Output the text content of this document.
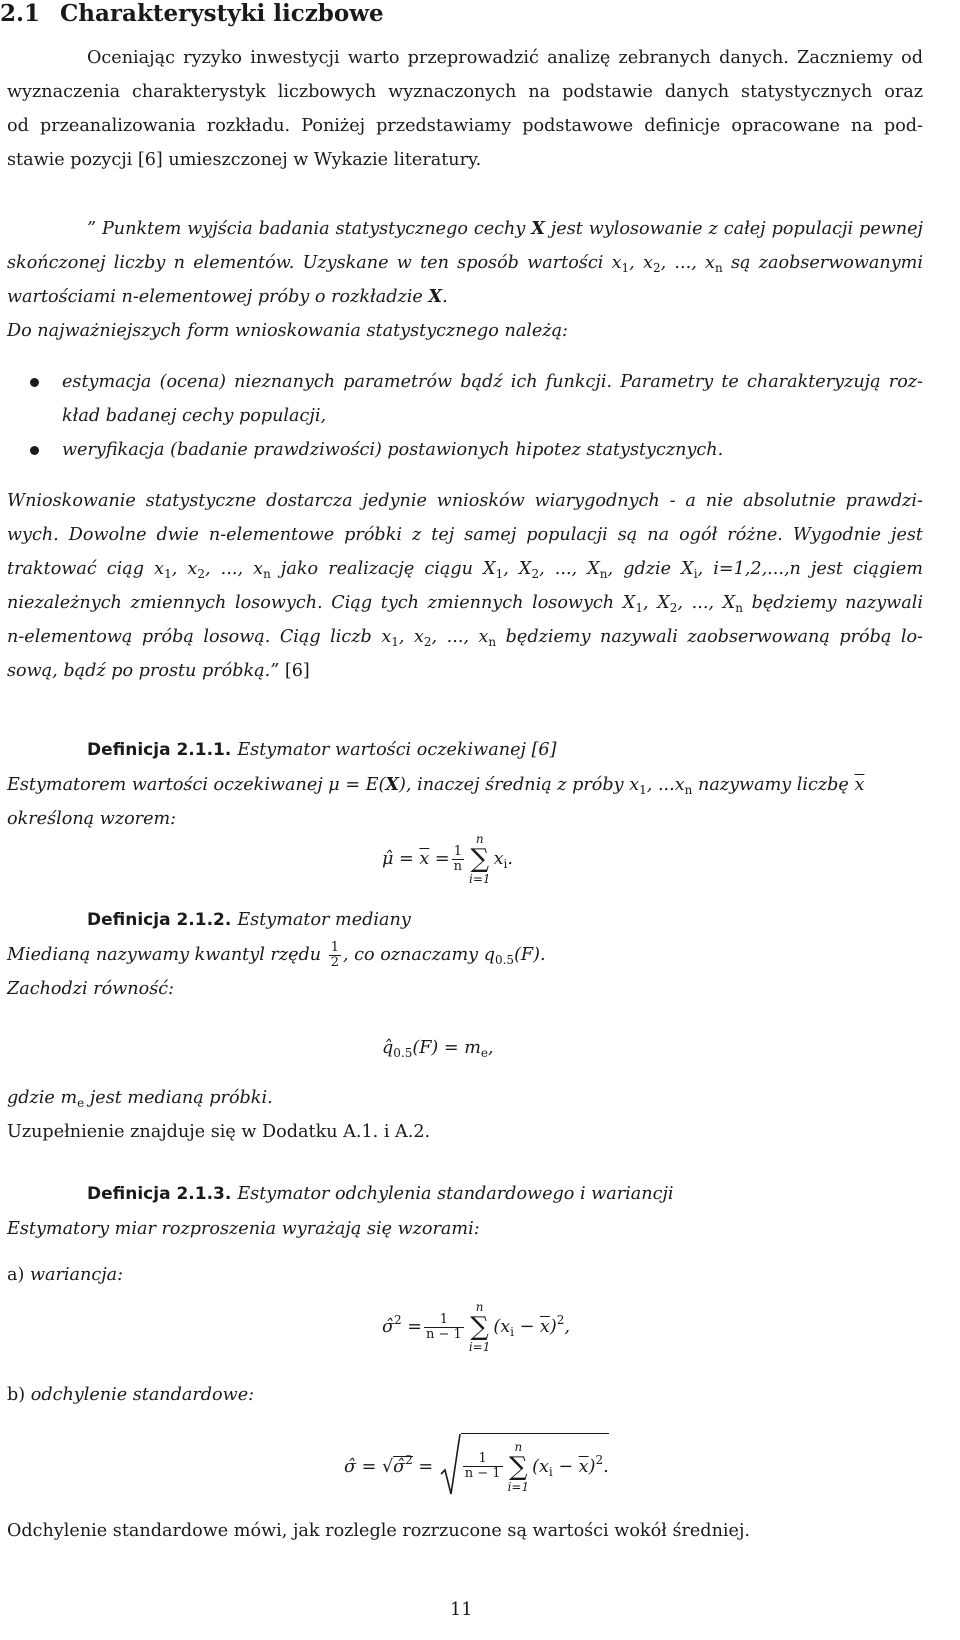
2.1 Charakterystyki liczbowe
Oceniając ryzyko inwestycji warto przeprowadzić analizę zebranych danych. Zaczniemy od
wyznaczenia charakterystyk liczbowych wyznaczonych na podstawie danych statystycznych oraz
od przeanalizowania rozkładu. Poniżej przedstawiamy podstawowe definicje opracowane na pod-
stawie pozycji [6] umieszczonej w Wykazie literatury.
” Punktem wyjścia badania statystycznego cechy X jest wylosowanie z całej populacji pewnej
skończonej liczby n elementów. Uzyskane w ten sposób wartości $x_1$, $x_2$, ..., $x_n$ są zaobserwowanymi
wartościami n-elementowej próby o rozkładzie X.
Do najważniejszych form wnioskowania statystycznego należą:
estymacja (ocena) nieznanych parametrów bądź ich funkcji. Parametry te charakteryzują roz-
kład badanej cechy populacji,
weryfikacja (badanie prawdziwości) postawionych hipotez statystycznych.
Wnioskowanie statystyczne dostarcza jedynie wniosków wiarygodnych - a nie absolutnie prawdzi-
wych. Dowolne dwie n-elementowe próbki z tej samej populacji są na ogół różne. Wygodnie jest
traktować ciąg $x_1$, $x_2$, ..., $x_n$ jako realizację ciągu $X_1$, $X_2$, ..., $X_n$, gdzie $X_i$, i=1,2,...,n jest ciągiem
niezależnych zmiennych losowych. Ciąg tych zmiennych losowych $X_1$, $X_2$, ..., $X_n$ będziemy nazywali
n-elementową próbą losową. Ciąg liczb $x_1$, $x_2$, ..., $x_n$ będziemy nazywali zaobserwowaną próbą lo-
sową, bądź po prostu próbką.” [6]
Definicja 2.1.1. Estymator wartości oczekiwanej [6]
Estymatorem wartości oczekiwanej μ = E(X), inaczej średnią z próby $x_1$, $...x_n$ nazywamy liczbę $\overline{x}$
określoną wzorem:
μ̂ = $\overline{x} = \frac{1}{n}$
n
∑
i=1
$x_i$.
Definicja 2.1.2. Estymator mediany
Miedianą nazywamy kwantyl rzędu $\frac{1}{2}$ , co oznaczamy $q_{0.5}(F)$.
Zachodzi równość:
$q̂_{0.5}(F) = m_e$,
gdzie $m_e$ jest medianą próbki.
Uzupełnienie znajduje się w Dodatku A.1. i A.2.
Definicja 2.1.3. Estymator odchylenia standardowego i wariancji
Estymatory miar rozproszenia wyrażają się wzorami:
a) wariancja:
σ̂$^2$ = $\frac{1}{n - 1}$
n
∑
i=1
$(x_i - \overline{x})^2$,
b) odchylenie standardowe:
σ̂ = √σ̂$^2$ = $\frac{1}{n - 1}$
n
∑
i=1
$(x_i - \overline{x})^2$.
Odchylenie standardowe mówi, jak rozlegle rozrzucone są wartości wokół średniej.
11
